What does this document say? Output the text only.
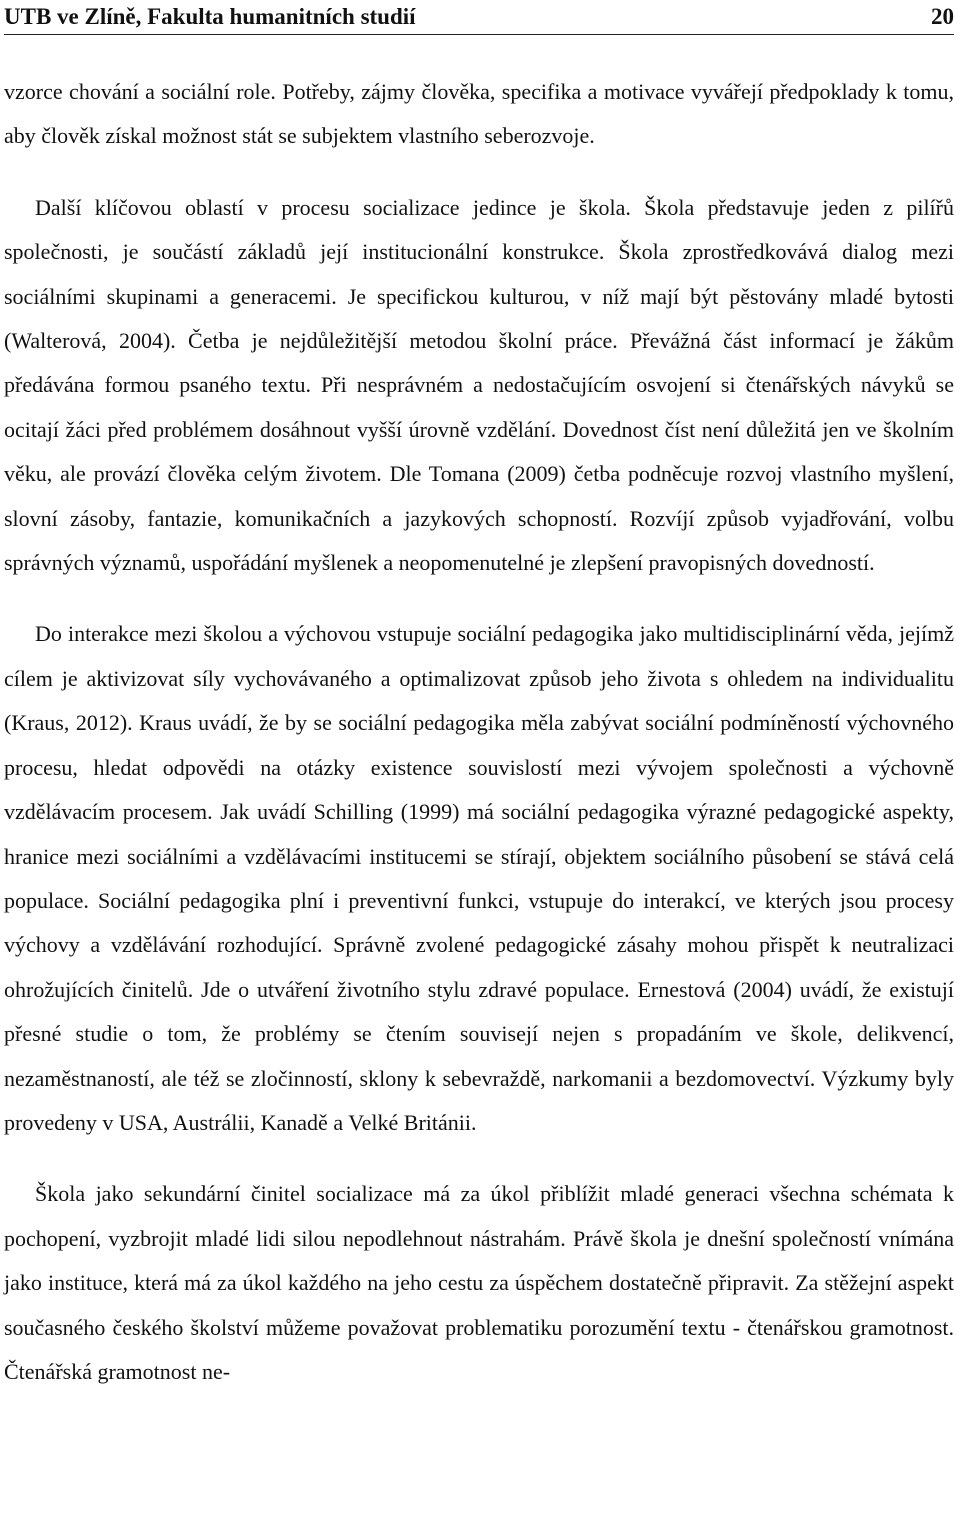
UTB ve Zlíně, Fakulta humanitních studií	20

vzorce chování a sociální role. Potřeby, zájmy člověka, specifika a motivace vyvářejí předpoklady k tomu, aby člověk získal možnost stát se subjektem vlastního seberozvoje.

Další klíčovou oblastí v procesu socializace jedince je škola. Škola představuje jeden z pilířů společnosti, je součástí základů její institucionální konstrukce. Škola zprostředkovává dialog mezi sociálními skupinami a generacemi. Je specifickou kulturou, v níž mají být pěstovány mladé bytosti (Walterová, 2004). Četba je nejdůležitější metodou školní práce. Převážná část informací je žákům předávána formou psaného textu. Při nesprávném a nedostačujícím osvojení si čtenářských návyků se ocitají žáci před problémem dosáhnout vyšší úrovně vzdělání. Dovednost číst není důležitá jen ve školním věku, ale provází člověka celým životem. Dle Tomana (2009) četba podněcuje rozvoj vlastního myšlení, slovní zásoby, fantazie, komunikačních a jazykových schopností. Rozvíjí způsob vyjadřování, volbu správných významů, uspořádání myšlenek a neopomenutelné je zlepšení pravopisných dovedností.

Do interakce mezi školou a výchovou vstupuje sociální pedagogika jako multidisciplinární věda, jejímž cílem je aktivizovat síly vychovávaného a optimalizovat způsob jeho života s ohledem na individualitu (Kraus, 2012). Kraus uvádí, že by se sociální pedagogika měla zabývat sociální podmíněností výchovného procesu, hledat odpovědi na otázky existence souvislostí mezi vývojem společnosti a výchovně vzdělávacím procesem. Jak uvádí Schilling (1999) má sociální pedagogika výrazné pedagogické aspekty, hranice mezi sociálními a vzdělávacími institucemi se stírají, objektem sociálního působení se stává celá populace. Sociální pedagogika plní i preventivní funkci, vstupuje do interakcí, ve kterých jsou procesy výchovy a vzdělávání rozhodující. Správně zvolené pedagogické zásahy mohou přispět k neutralizaci ohrožujících činitelů. Jde o utváření životního stylu zdravé populace. Ernestová (2004) uvádí, že existují přesné studie o tom, že problémy se čtením souvisejí nejen s propadáním ve škole, delikvencí, nezaměstnaností, ale též se zločinností, sklony k sebevraždě, narkomanii a bezdomovectví. Výzkumy byly provedeny v USA, Austrálii, Kanadě a Velké Británii.

Škola jako sekundární činitel socializace má za úkol přiblížit mladé generaci všechna schémata k pochopení, vyzbrojit mladé lidi silou nepodlehnout nástrahám. Právě škola je dnešní společností vnímána jako instituce, která má za úkol každého na jeho cestu za úspěchem dostatečně připravit. Za stěžejní aspekt současného českého školství můžeme považovat problematiku porozumění textu - čtenářskou gramotnost. Čtenářská gramotnost ne-
